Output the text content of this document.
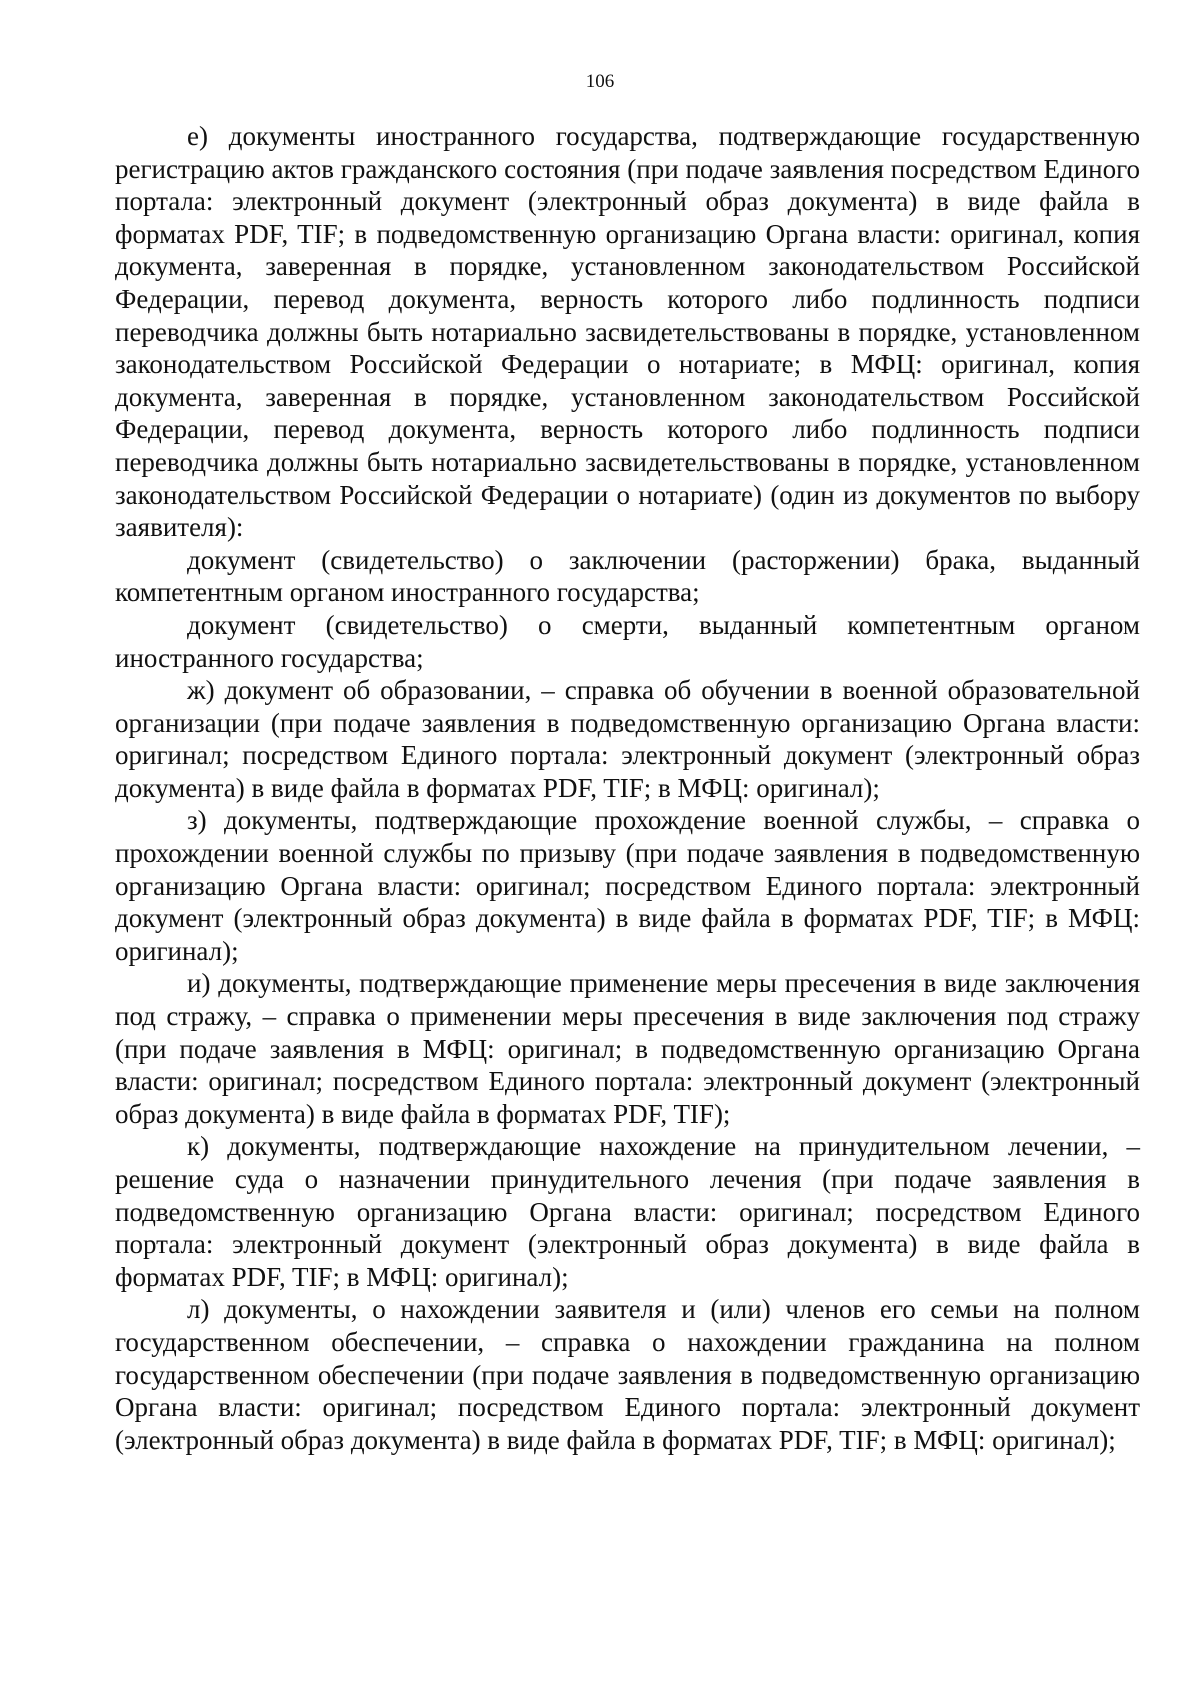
106

е) документы иностранного государства, подтверждающие государственную регистрацию актов гражданского состояния (при подаче заявления посредством Единого портала: электронный документ (электронный образ документа) в виде файла в форматах PDF, TIF; в подведомственную организацию Органа власти: оригинал, копия документа, заверенная в порядке, установленном законодательством Российской Федерации, перевод документа, верность которого либо подлинность подписи переводчика должны быть нотариально засвидетельствованы в порядке, установленном законодательством Российской Федерации о нотариате; в МФЦ: оригинал, копия документа, заверенная в порядке, установленном законодательством Российской Федерации, перевод документа, верность которого либо подлинность подписи переводчика должны быть нотариально засвидетельствованы в порядке, установленном законодательством Российской Федерации о нотариате) (один из документов по выбору заявителя):

документ (свидетельство) о заключении (расторжении) брака, выданный компетентным органом иностранного государства;

документ (свидетельство) о смерти, выданный компетентным органом иностранного государства;

ж) документ об образовании, – справка об обучении в военной образовательной организации (при подаче заявления в подведомственную организацию Органа власти: оригинал; посредством Единого портала: электронный документ (электронный образ документа) в виде файла в форматах PDF, TIF; в МФЦ: оригинал);

з) документы, подтверждающие прохождение военной службы, – справка о прохождении военной службы по призыву (при подаче заявления в подведомственную организацию Органа власти: оригинал; посредством Единого портала: электронный документ (электронный образ документа) в виде файла в форматах PDF, TIF; в МФЦ: оригинал);

и) документы, подтверждающие применение меры пресечения в виде заключения под стражу, – справка о применении меры пресечения в виде заключения под стражу (при подаче заявления в МФЦ: оригинал; в подведомственную организацию Органа власти: оригинал; посредством Единого портала: электронный документ (электронный образ документа) в виде файла в форматах PDF, TIF);

к) документы, подтверждающие нахождение на принудительном лечении, – решение суда о назначении принудительного лечения (при подаче заявления в подведомственную организацию Органа власти: оригинал; посредством Единого портала: электронный документ (электронный образ документа) в виде файла в форматах PDF, TIF; в МФЦ: оригинал);

л) документы, о нахождении заявителя и (или) членов его семьи на полном государственном обеспечении, – справка о нахождении гражданина на полном государственном обеспечении (при подаче заявления в подведомственную организацию Органа власти: оригинал; посредством Единого портала: электронный документ (электронный образ документа) в виде файла в форматах PDF, TIF; в МФЦ: оригинал);
